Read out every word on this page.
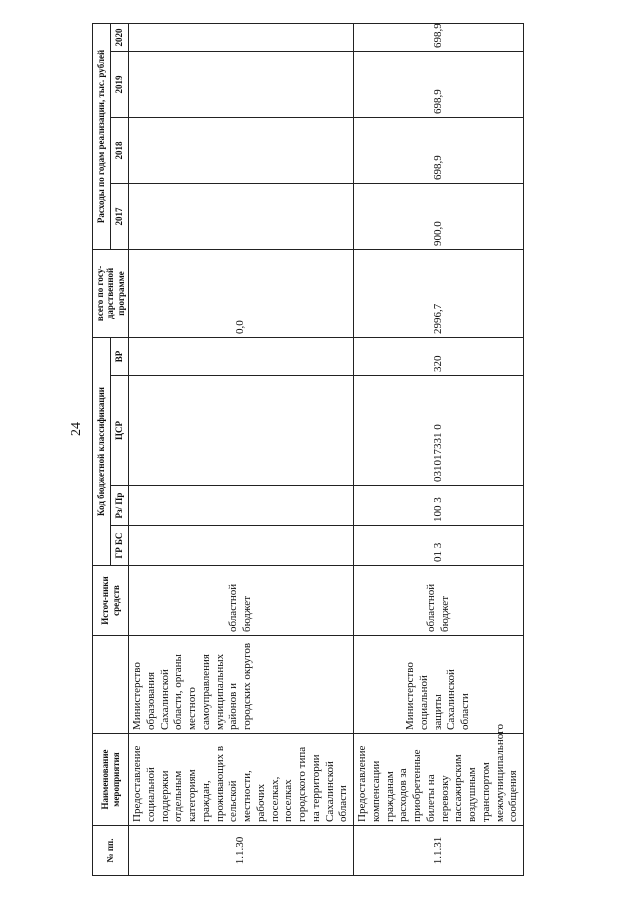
24
№ пп.	Наименование мероприятия		Источ-ники средств	Код бюджетной классификации				всего по госу-дарственной программе	Расходы по годам реализации, тыс. рублей			
				ГР БС	Рз/ Пр	ЦСР	ВР		2017	2018	2019	2020
1.1.30	Предоставление социальной поддержки отдельным категориям граждан, проживающих в сельской местности, рабочих поселках, поселках городского типа на территории Сахалинской области	Министерство образования Сахалинской области, органы местного самоуправления муниципальных районов и городских округов	областной бюджет					0,0				
1.1.31	Предоставление компенсации гражданам расходов за приобретенные билеты на перевозку пассажирским воздушным транспортом межмуниципального сообщения	Министерство социальной защиты Сахалинской области	областной бюджет	01 3	100 3	031017331 0	320	2996,7	900,0	698,9	698,9	698,9
